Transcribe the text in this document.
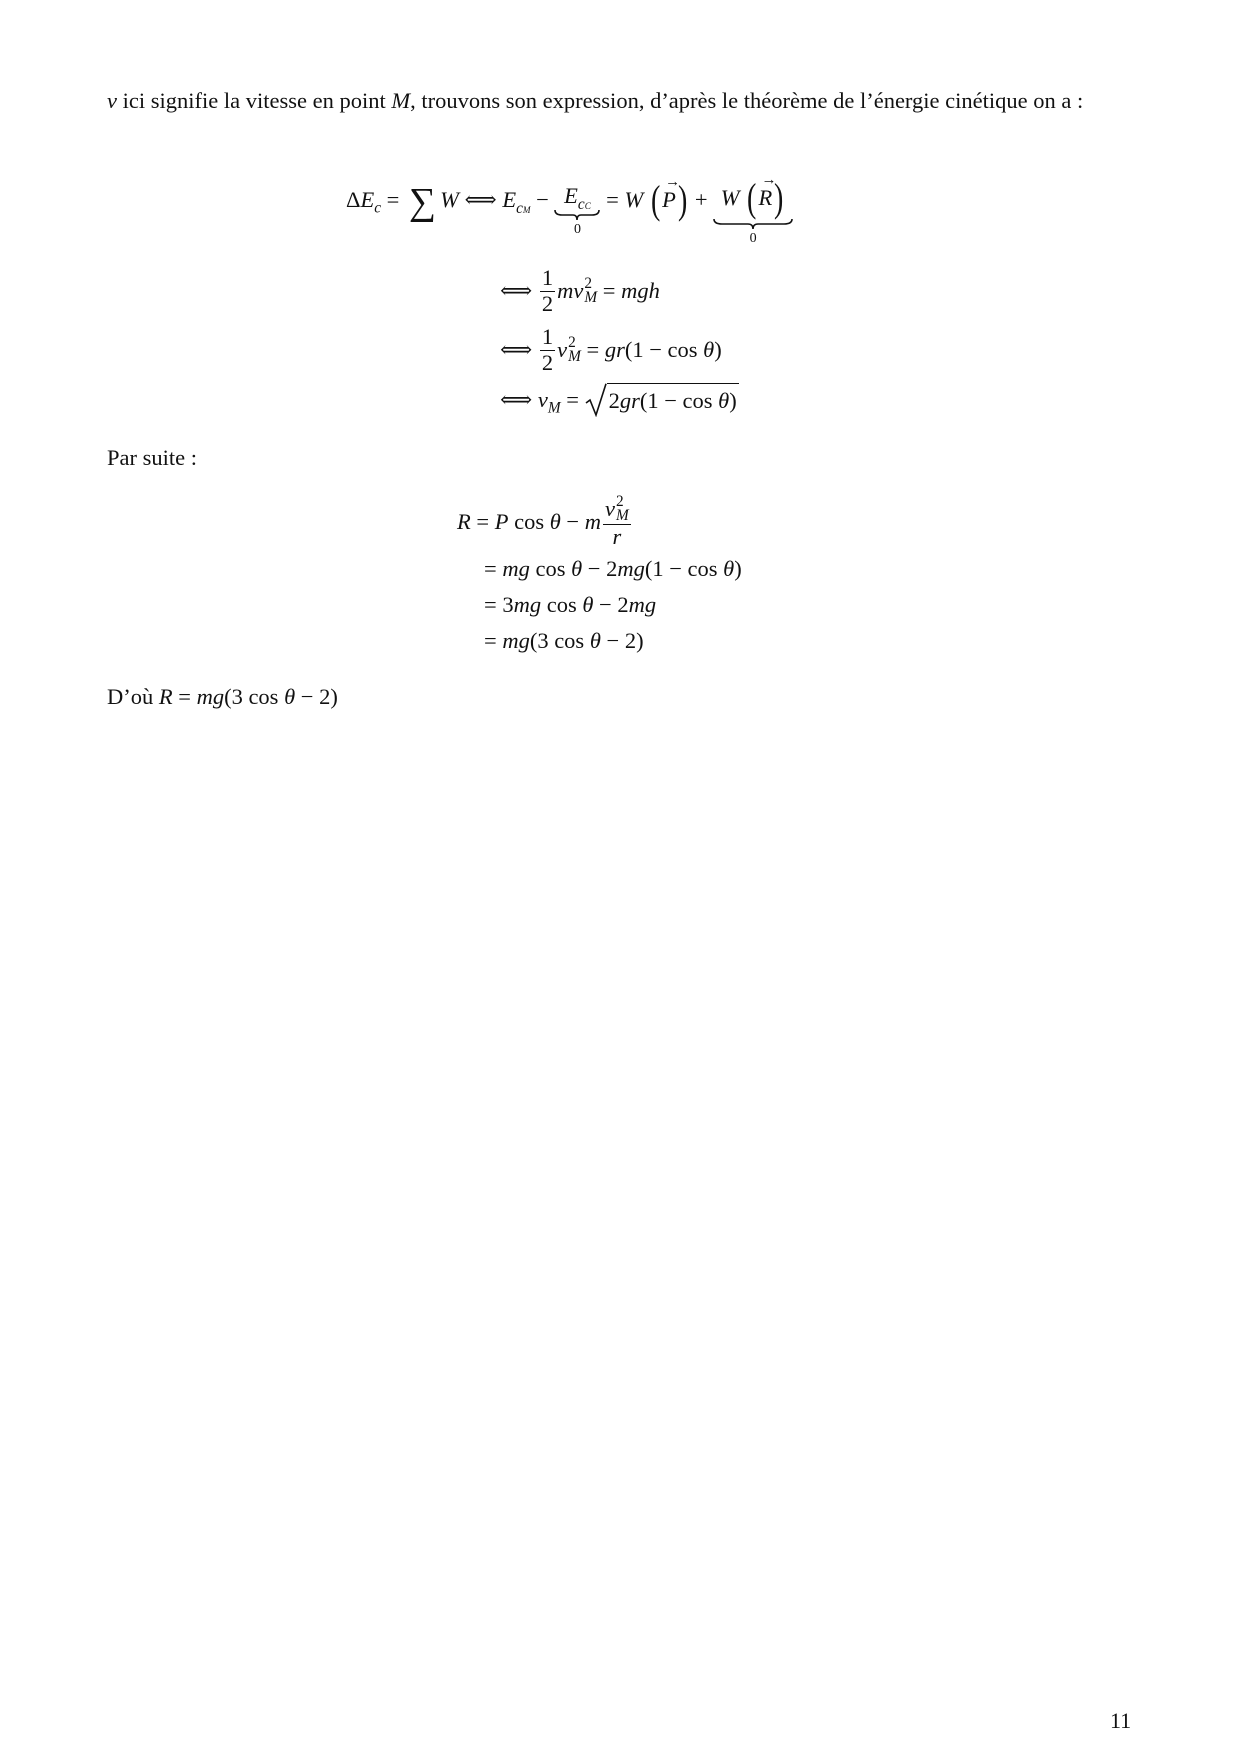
v ici signifie la vitesse en point M, trouvons son expression, d’après le théorème de l’énergie cinétique on a :

$\Delta E_c$ = ∑ W ⟺ $E_{cM} - E_{cC}$
0
= W ( P
→
) + W
( R
→
)
0
⟺ $\frac{1}{2}$ mv 2
M = mgh
⟺ $\frac{1}{2}$ v 2
M = gr(1 − cos θ)
⟺ $v_M = 2gr(1 - \cos \theta)$

Par suite :

R = P cos θ − m v 2
M
r
= mg cos θ − 2mg(1 − cos θ)
= 3mg cos θ − 2mg
= mg(3 cos θ − 2)

D’où R = mg(3 cos θ − 2)

11
